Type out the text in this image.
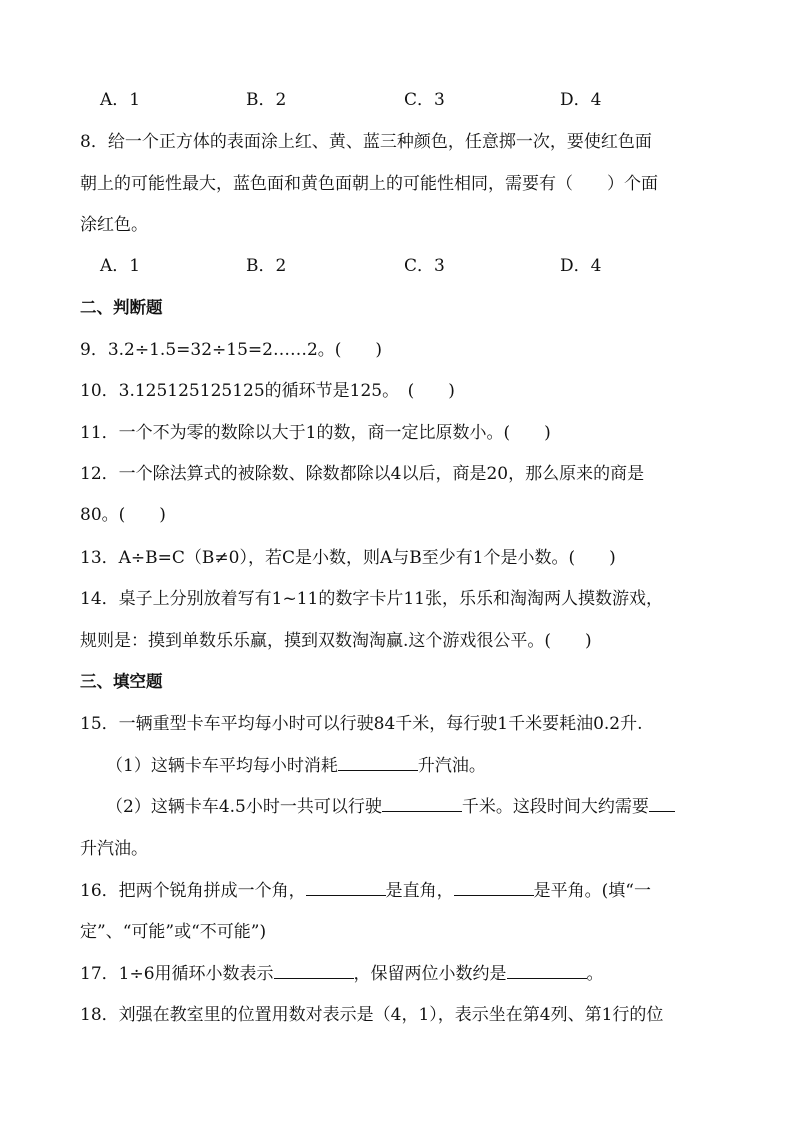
A．1	B．2	C．3	D．4
8．给一个正方体的表面涂上红、黄、蓝三种颜色，任意掷一次，要使红色面
朝上的可能性最大，蓝色面和黄色面朝上的可能性相同，需要有（　　）个面
涂红色。
A．1	B．2	C．3	D．4
二、判断题
9．3.2÷1.5=32÷15=2……2。(　　)
10．3.125125125125的循环节是125。　(　　)
11．一个不为零的数除以大于1的数，商一定比原数小。(　　)
12．一个除法算式的被除数、除数都除以4以后，商是20，那么原来的商是
80。(　　)
13．A÷B=C（B≠0），若C是小数，则A与B至少有1个是小数。(　　)
14．桌子上分别放着写有1~11的数字卡片11张，乐乐和淘淘两人摸数游戏，
规则是：摸到单数乐乐赢，摸到双数淘淘赢.这个游戏很公平。(　　)
三、填空题
15．一辆重型卡车平均每小时可以行驶84千米，每行驶1千米要耗油0.2升.
（1）这辆卡车平均每小时消耗	升汽油。
（2）这辆卡车4.5小时一共可以行驶	千米。这段时间大约需要
升汽油。
16．把两个锐角拼成一个角，	是直角，	是平角。(填“一
定”、“可能”或“不可能”)
17．1÷6用循环小数表示	，保留两位小数约是	。
18．刘强在教室里的位置用数对表示是（4，1），表示坐在第4列、第1行的位
